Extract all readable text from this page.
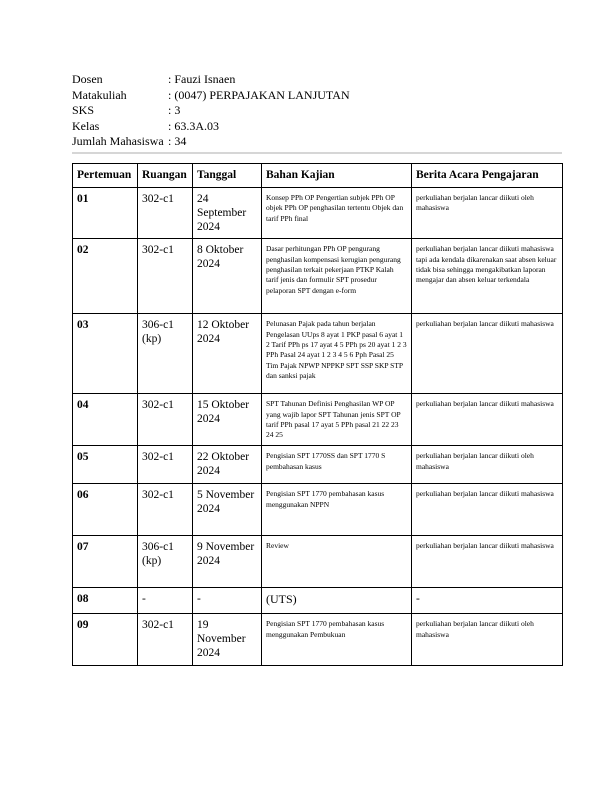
Dosen	: Fauzi Isnaen
Matakuliah	: (0047) PERPAJAKAN LANJUTAN
SKS	: 3
Kelas	: 63.3A.03
Jumlah Mahasiswa : 34
Pertemuan	Ruangan	Tanggal	Bahan Kajian	Berita Acara Pengajaran
01	302-c1	24 September 2024	Konsep PPh OP Pengertian subjek PPh OP objek PPh OP penghasilan tertentu Objek dan tarif PPh final	perkuliahan berjalan lancar diikuti oleh mahasiswa
02	302-c1	8 Oktober 2024	Dasar perhitungan PPh OP pengurang penghasilan kompensasi kerugian pengurang penghasilan terkait pekerjaan PTKP Kalah tarif jenis dan formulir SPT prosedur pelaporan SPT dengan e-form	perkuliahan berjalan lancar diikuti mahasiswa tapi ada kendala dikarenakan saat absen keluar tidak bisa sehingga mengakibatkan laporan mengajar dan absen keluar terkendala
03	306-c1 (kp)	12 Oktober 2024	Pelunasan Pajak pada tahun berjalan Pengelasan UUps 8 ayat 1 PKP pasal 6 ayat 1 2 Tarif PPh ps 17 ayat 4 5 PPh ps 20 ayat 1 2 3 PPh Pasal 24 ayat 1 2 3 4 5 6 Pph Pasal 25 Tim Pajak NPWP NPPKP SPT SSP SKP STP dan sanksi pajak	perkuliahan berjalan lancar diikuti mahasiswa
04	302-c1	15 Oktober 2024	SPT Tahunan Definisi Penghasilan WP OP yang wajib lapor SPT Tahunan jenis SPT OP tarif PPh pasal 17 ayat 5 PPh pasal 21 22 23 24 25	perkuliahan berjalan lancar diikuti mahasiswa
05	302-c1	22 Oktober 2024	Pengisian SPT 1770SS dan SPT 1770 S pembahasan kasus	perkuliahan berjalan lancar diikuti oleh mahasiswa
06	302-c1	5 November 2024	Pengisian SPT 1770 pembahasan kasus menggunakan NPPN	perkuliahan berjalan lancar diikuti mahasiswa
07	306-c1 (kp)	9 November 2024	Review	perkuliahan berjalan lancar diikuti mahasiswa
08	-	-	(UTS)	-
09	302-c1	19 November 2024	Pengisian SPT 1770 pembahasan kasus menggunakan Pembukuan	perkuliahan berjalan lancar diikuti oleh mahasiswa
